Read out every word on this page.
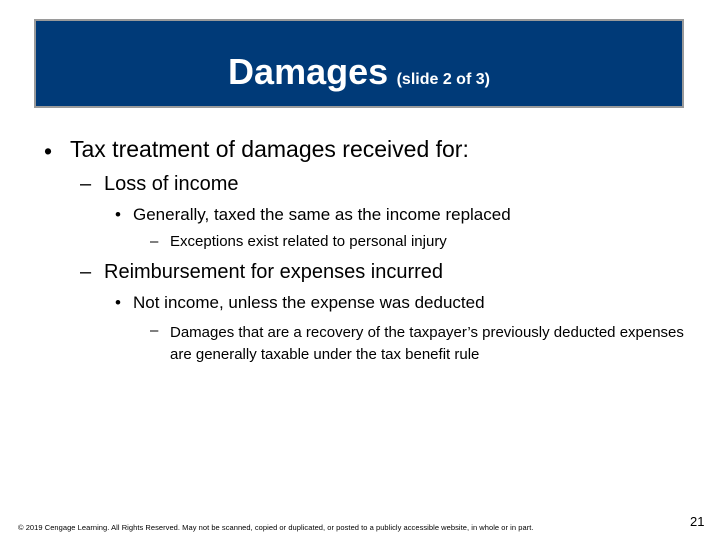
Damages (slide 2 of 3)
• Tax treatment of damages received for:
– Loss of income
• Generally, taxed the same as the income replaced
– Exceptions exist related to personal injury
– Reimbursement for expenses incurred
• Not income, unless the expense was deducted
– Damages that are a recovery of the taxpayer’s previously deducted expenses are generally taxable under the tax benefit rule
© 2019 Cengage Learning. All Rights Reserved. May not be scanned, copied or duplicated, or posted to a publicly accessible website, in whole or in part.	21
